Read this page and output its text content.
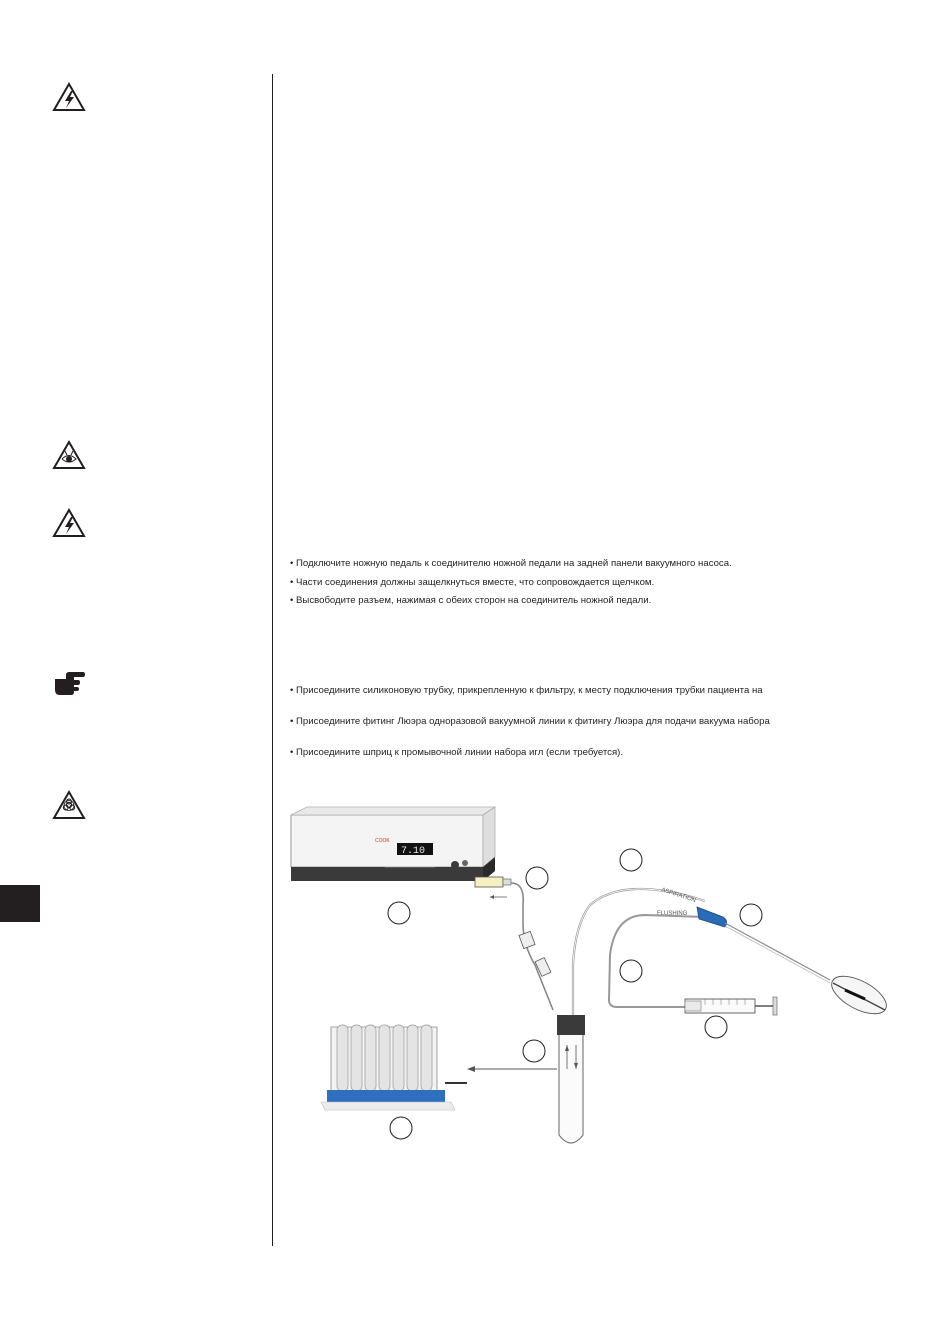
• Подключите ножную педаль к соединителю ножной педали на задней панели вакуумного насоса.
• Части соединения должны защелкнуться вместе, что сопровождается щелчком.
• Высвободите разъем, нажимая с обеих сторон на соединитель ножной педали.
• Присоедините силиконовую трубку, прикрепленную к фильтру, к месту подключения трубки пациента на
• Присоедините фитинг Люэра одноразовой вакуумной линии к фитингу Люэра для подачи вакуума набора
• Присоедините шприц к промывочной линии набора игл (если требуется).
7.10
COOK
ASPIRATION
FLUSHING
